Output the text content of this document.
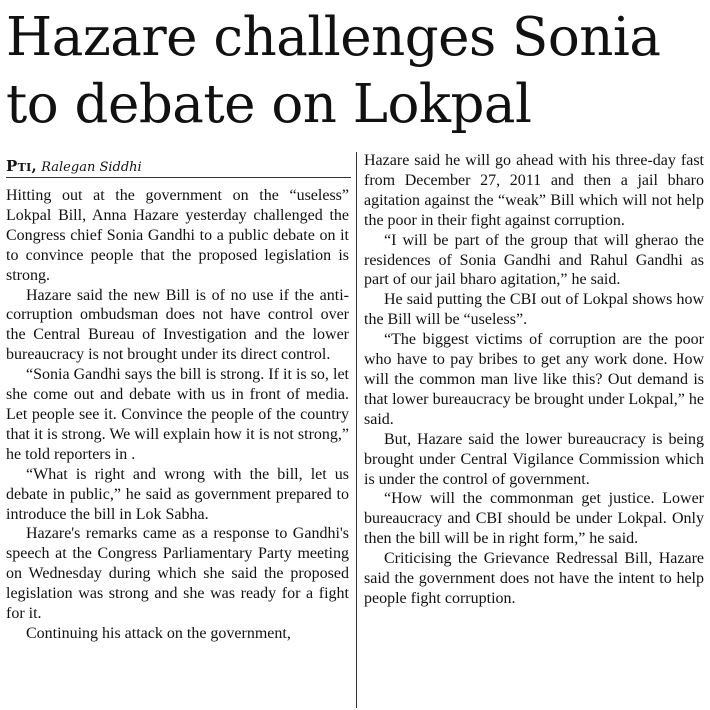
Hazare challenges Sonia
to debate on Lokpal
Pti, Ralegan Siddhi

Hitting out at the government on the “useless” Lokpal Bill, Anna Hazare yesterday challenged the Congress chief Sonia Gandhi to a public debate on it to convince people that the proposed legislation is strong.

Hazare said the new Bill is of no use if the anti-corruption ombudsman does not have control over the Central Bureau of Investigation and the lower bureaucracy is not brought under its direct control.

“Sonia Gandhi says the bill is strong. If it is so, let she come out and debate with us in front of media. Let people see it. Convince the people of the country that it is strong. We will explain how it is not strong,” he told reporters in .

“What is right and wrong with the bill, let us debate in public,” he said as government prepared to introduce the bill in Lok Sabha.

Hazare's remarks came as a response to Gandhi's speech at the Congress Parliamentary Party meeting on Wednesday during which she said the proposed legislation was strong and she was ready for a fight for it.

Continuing his attack on the government,

Hazare said he will go ahead with his three-day fast from December 27, 2011 and then a jail bharo agitation against the “weak” Bill which will not help the poor in their fight against corruption.

“I will be part of the group that will gherao the residences of Sonia Gandhi and Rahul Gandhi as part of our jail bharo agitation,” he said.

He said putting the CBI out of Lokpal shows how the Bill will be “useless”.

“The biggest victims of corruption are the poor who have to pay bribes to get any work done. How will the common man live like this? Out demand is that lower bureaucracy be brought under Lokpal,” he said.

But, Hazare said the lower bureaucracy is being brought under Central Vigilance Commission which is under the control of government.

“How will the commonman get justice. Lower bureaucracy and CBI should be under Lokpal. Only then the bill will be in right form,” he said.

Criticising the Grievance Redressal Bill, Hazare said the government does not have the intent to help people fight corruption.
